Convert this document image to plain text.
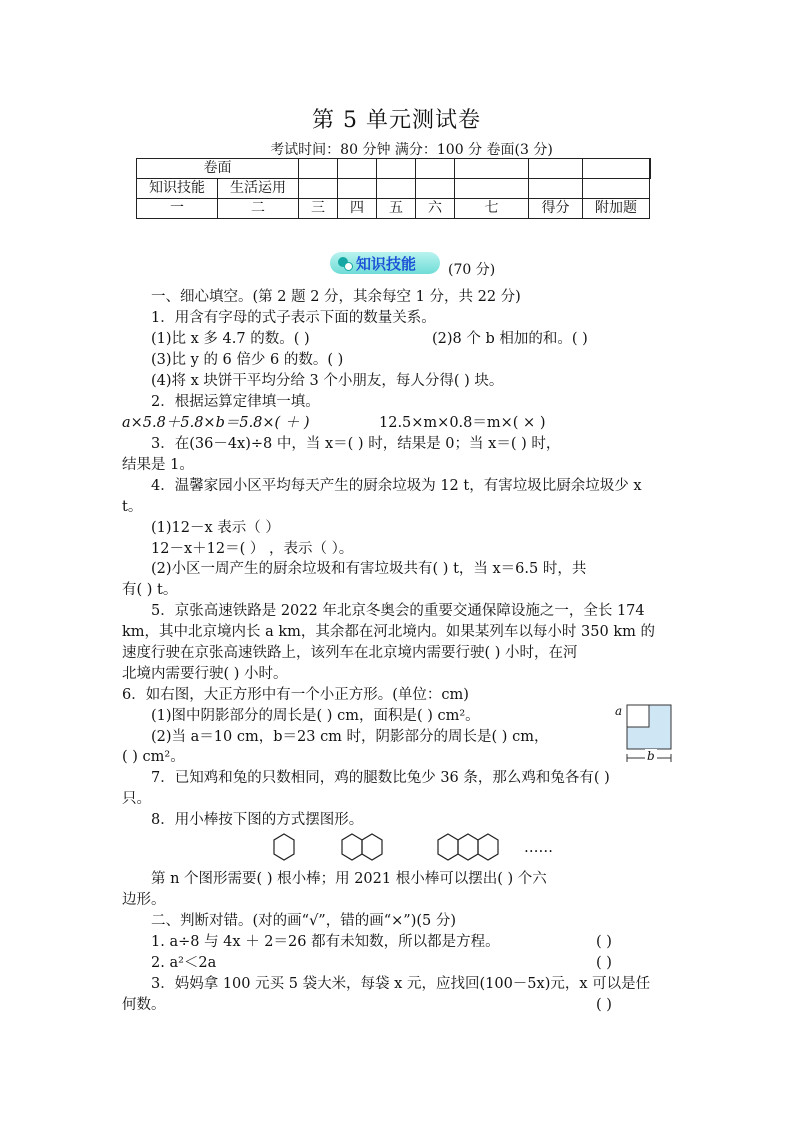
第 5 单元测试卷
考试时间：80 分钟 满分：100 分 卷面(3 分)
卷面									
知识技能	生活运用								
一	二	三	四	五	六	七	得分	附加题	
知识技能 (70 分)
一、细心填空。(第 2 题 2 分，其余每空 1 分，共 22 分)
1．用含有字母的式子表示下面的数量关系。
(1)比 x 多 4.7 的数。( )	(2)8 个 b 相加的和。( )
(3)比 y 的 6 倍少 6 的数。( )
(4)将 x 块饼干平均分给 3 个小朋友，每人分得( ) 块。
2．根据运算定律填一填。
a×5.8＋5.8×b＝5.8×( ＋ )	12.5×m×0.8＝m×( × )
3．在(36－4x)÷8 中，当 x＝( ) 时，结果是 0；当 x＝( ) 时，
结果是 1。
4．温馨家园小区平均每天产生的厨余垃圾为 12 t，有害垃圾比厨余垃圾少 x
t。
(1)12－x 表示（ ）
12－x＋12＝( ） ，表示（ ）。
(2)小区一周产生的厨余垃圾和有害垃圾共有( ) t，当 x＝6.5 时，共
有( ) t。
5．京张高速铁路是 2022 年北京冬奥会的重要交通保障设施之一，全长 174
km，其中北京境内长 a km，其余都在河北境内。如果某列车以每小时 350 km 的
速度行驶在京张高速铁路上，该列车在北京境内需要行驶( ) 小时，在河
北境内需要行驶( ) 小时。
6．如右图，大正方形中有一个小正方形。(单位：cm)
(1)图中阴影部分的周长是( ) cm，面积是( ) cm²。
(2)当 a＝10 cm，b＝23 cm 时，阴影部分的周长是( ) cm，
( ) cm²。
7．已知鸡和兔的只数相同，鸡的腿数比兔少 36 条，那么鸡和兔各有( )
只。
8．用小棒按下图的方式摆图形。
……
第 n 个图形需要( ) 根小棒；用 2021 根小棒可以摆出( ) 个六
边形。
二、判断对错。(对的画“√”，错的画“×”)(5 分)
1. a÷8 与 4x ＋ 2＝26 都有未知数，所以都是方程。	( )
2. a²＜2a	( )
3．妈妈拿 100 元买 5 袋大米，每袋 x 元，应找回(100－5x)元，x 可以是任
何数。	( )
a
b
